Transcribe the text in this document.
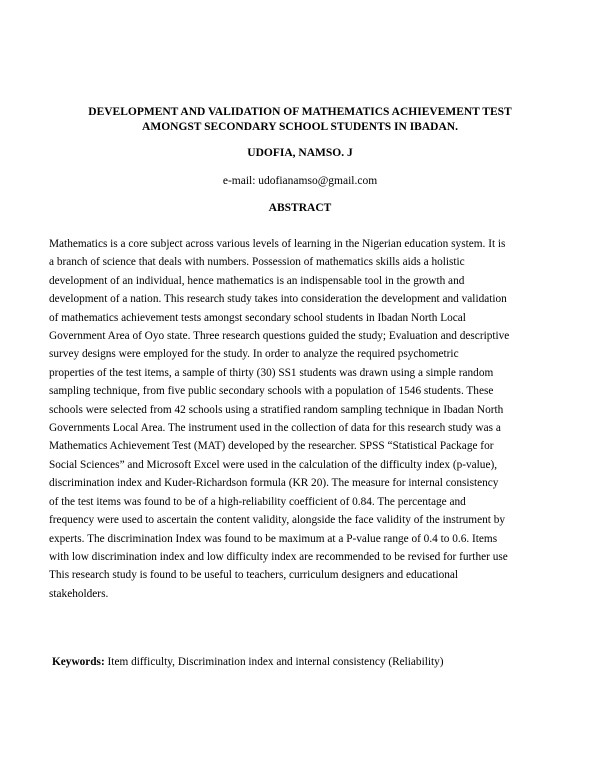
DEVELOPMENT AND VALIDATION OF MATHEMATICS ACHIEVEMENT TEST
AMONGST SECONDARY SCHOOL STUDENTS IN IBADAN.
UDOFIA, NAMSO. J
e-mail: udofianamso@gmail.com
ABSTRACT
Mathematics is a core subject across various levels of learning in the Nigerian education system. It is
a branch of science that deals with numbers. Possession of mathematics skills aids a holistic
development of an individual, hence mathematics is an indispensable tool in the growth and
development of a nation. This research study takes into consideration the development and validation
of mathematics achievement tests amongst secondary school students in Ibadan North Local
Government Area of Oyo state. Three research questions guided the study; Evaluation and descriptive
survey designs were employed for the study. In order to analyze the required psychometric
properties of the test items, a sample of thirty (30) SS1 students was drawn using a simple random
sampling technique, from five public secondary schools with a population of 1546 students. These
schools were selected from 42 schools using a stratified random sampling technique in Ibadan North
Governments Local Area. The instrument used in the collection of data for this research study was a
Mathematics Achievement Test (MAT) developed by the researcher. SPSS “Statistical Package for
Social Sciences” and Microsoft Excel were used in the calculation of the difficulty index (p-value),
discrimination index and Kuder-Richardson formula (KR 20). The measure for internal consistency
of the test items was found to be of a high-reliability coefficient of 0.84. The percentage and
frequency were used to ascertain the content validity, alongside the face validity of the instrument by
experts. The discrimination Index was found to be maximum at a P-value range of 0.4 to 0.6. Items
with low discrimination index and low difficulty index are recommended to be revised for further use
This research study is found to be useful to teachers, curriculum designers and educational
stakeholders.
Keywords: Item difficulty, Discrimination index and internal consistency (Reliability)
